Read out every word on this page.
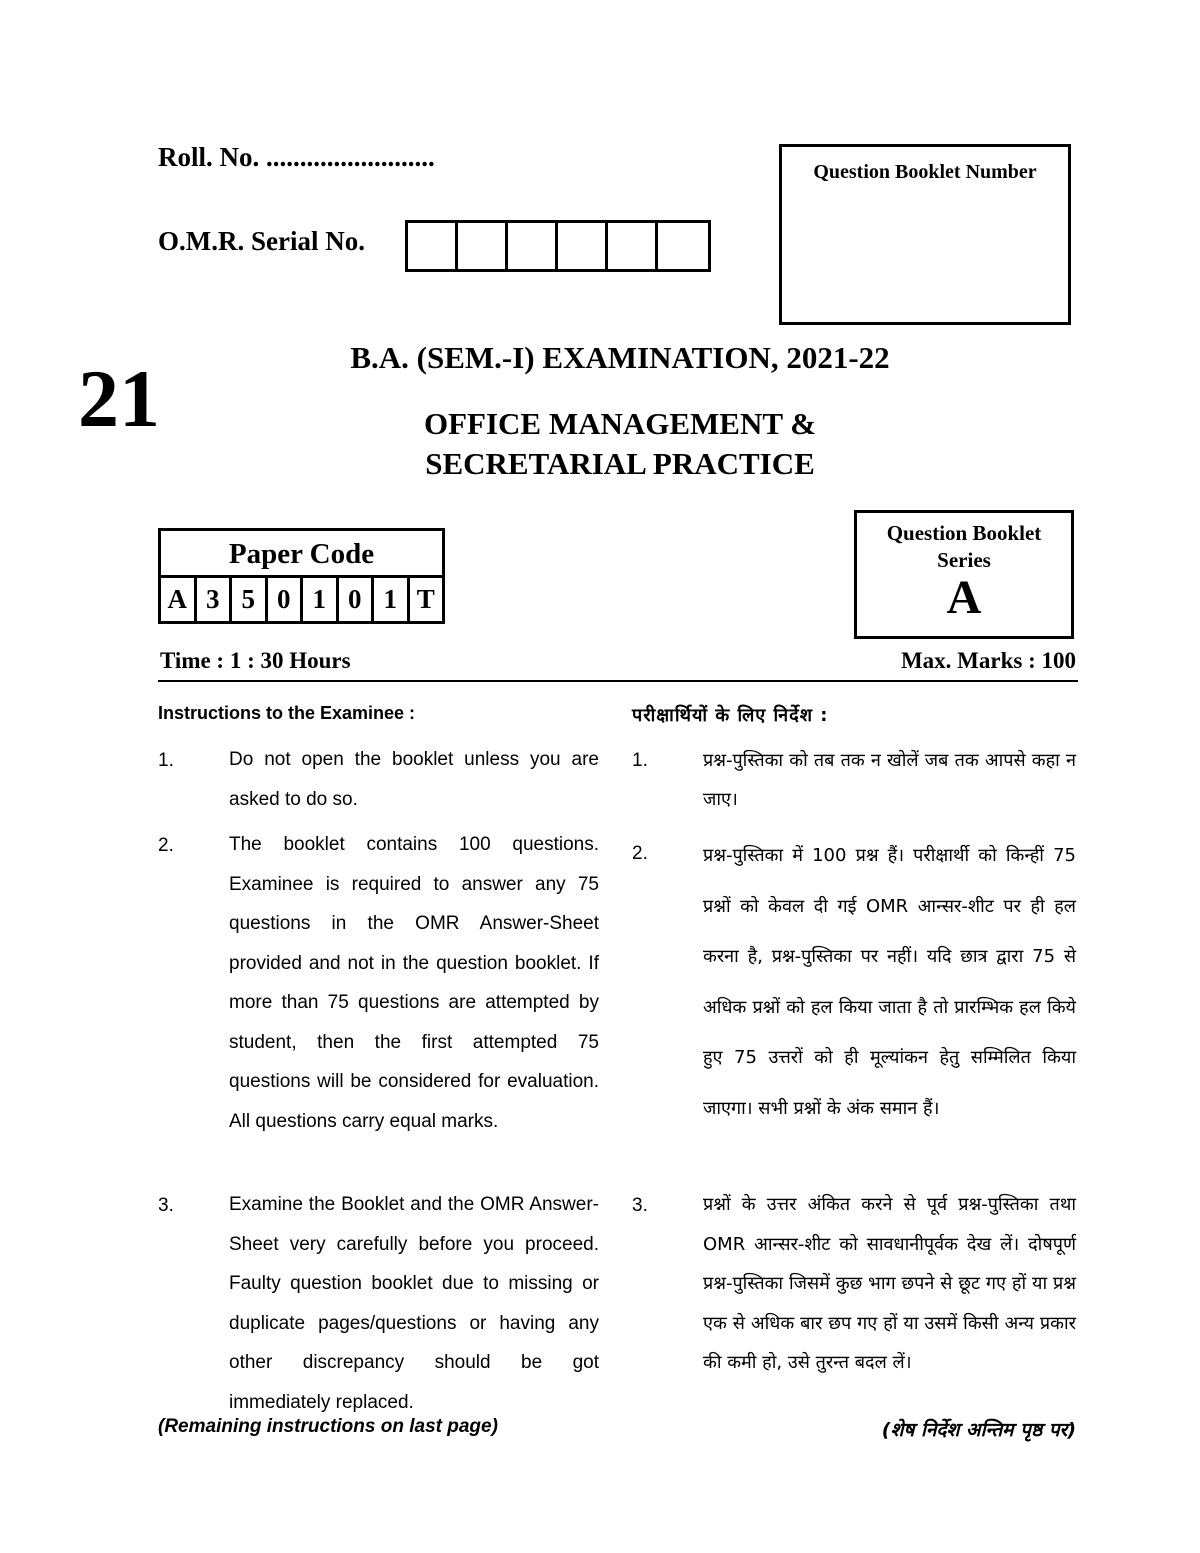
Roll. No. .........................
O.M.R. Serial No.
Question Booklet Number
21	B.A. (SEM.-I) EXAMINATION, 2021-22
OFFICE MANAGEMENT &
SECRETARIAL PRACTICE
Paper Code
A 3 5 0 1 0 1 T
Question Booklet
Series
A
Time : 1 : 30 Hours	Max. Marks : 100
Instructions to the Examinee :
1.	Do not open the booklet unless you are asked to do so.
2.	The booklet contains 100 questions. Examinee is required to answer any 75 questions in the OMR Answer-Sheet provided and not in the question booklet. If more than 75 questions are attempted by student, then the first attempted 75 questions will be considered for evaluation. All questions carry equal marks.
3.	Examine the Booklet and the OMR Answer-Sheet very carefully before you proceed. Faulty question booklet due to missing or duplicate pages/questions or having any other discrepancy should be got immediately replaced.
(Remaining instructions on last page)
परीक्षार्थियों के लिए निर्देश :
1.	प्रश्न-पुस्तिका को तब तक न खोलें जब तक आपसे कहा न जाए।
2.	प्रश्न-पुस्तिका में 100 प्रश्न हैं। परीक्षार्थी को किन्हीं 75 प्रश्नों को केवल दी गई OMR आन्सर-शीट पर ही हल करना है, प्रश्न-पुस्तिका पर नहीं। यदि छात्र द्वारा 75 से अधिक प्रश्नों को हल किया जाता है तो प्रारम्भिक हल किये हुए 75 उत्तरों को ही मूल्यांकन हेतु सम्मिलित किया जाएगा। सभी प्रश्नों के अंक समान हैं।
3.	प्रश्नों के उत्तर अंकित करने से पूर्व प्रश्न-पुस्तिका तथा OMR आन्सर-शीट को सावधानीपूर्वक देख लें। दोषपूर्ण प्रश्न-पुस्तिका जिसमें कुछ भाग छपने से छूट गए हों या प्रश्न एक से अधिक बार छप गए हों या उसमें किसी अन्य प्रकार की कमी हो, उसे तुरन्त बदल लें।
(शेष निर्देश अन्तिम पृष्ठ पर)
